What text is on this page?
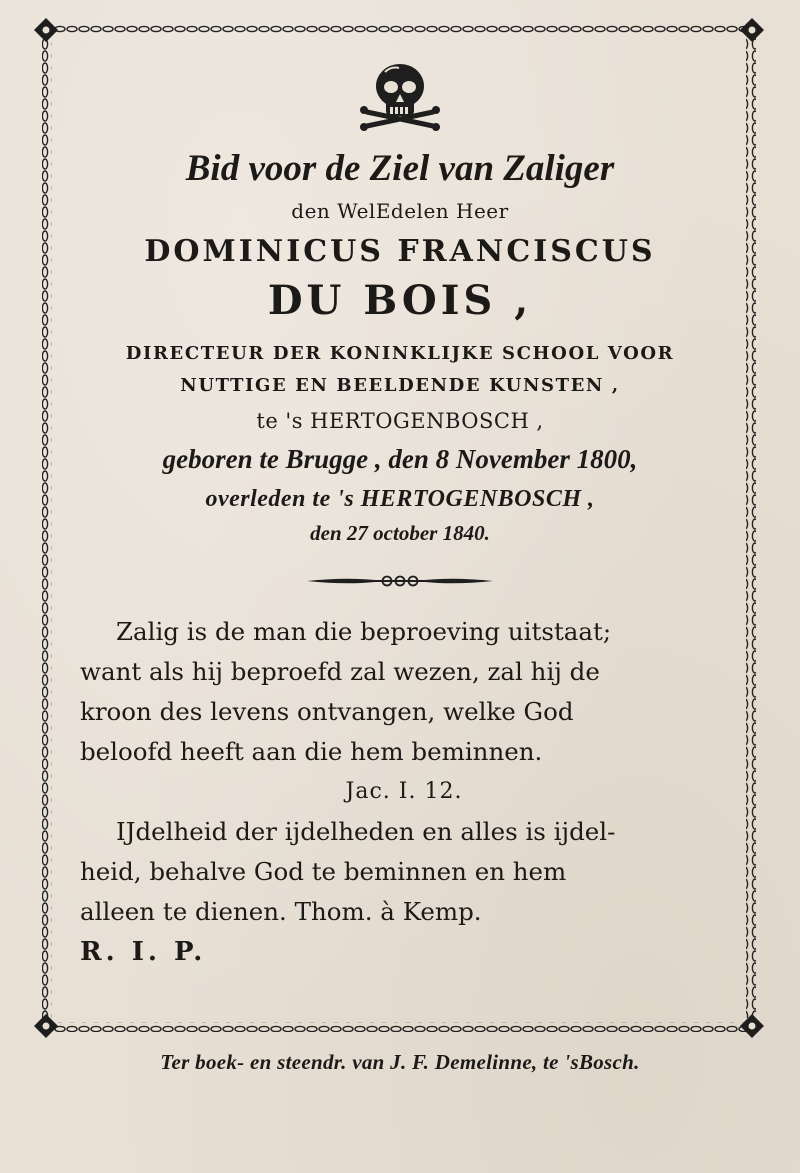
Bid voor de Ziel van Zaliger

den WelEdelen Heer

DOMINICUS FRANCISCUS

DU BOIS ,

DIRECTEUR DER KONINKLIJKE SCHOOL VOOR

NUTTIGE EN BEELDENDE KUNSTEN ,

te 's HERTOGENBOSCH ,

geboren te Brugge , den 8 November 1800,

overleden te 's HERTOGENBOSCH ,

den 27 october 1840.

Zalig is de man die beproeving uitstaat;

want als hij beproefd zal wezen, zal hij de

kroon des levens ontvangen, welke God

beloofd heeft aan die hem beminnen.

Jac. I. 12.

IJdelheid der ijdelheden en alles is ijdel-

heid, behalve God te beminnen en hem

alleen te dienen. Thom. à Kemp.

R. I. P.

Ter boek- en steendr. van J. F. Demelinne, te 'sBosch.
